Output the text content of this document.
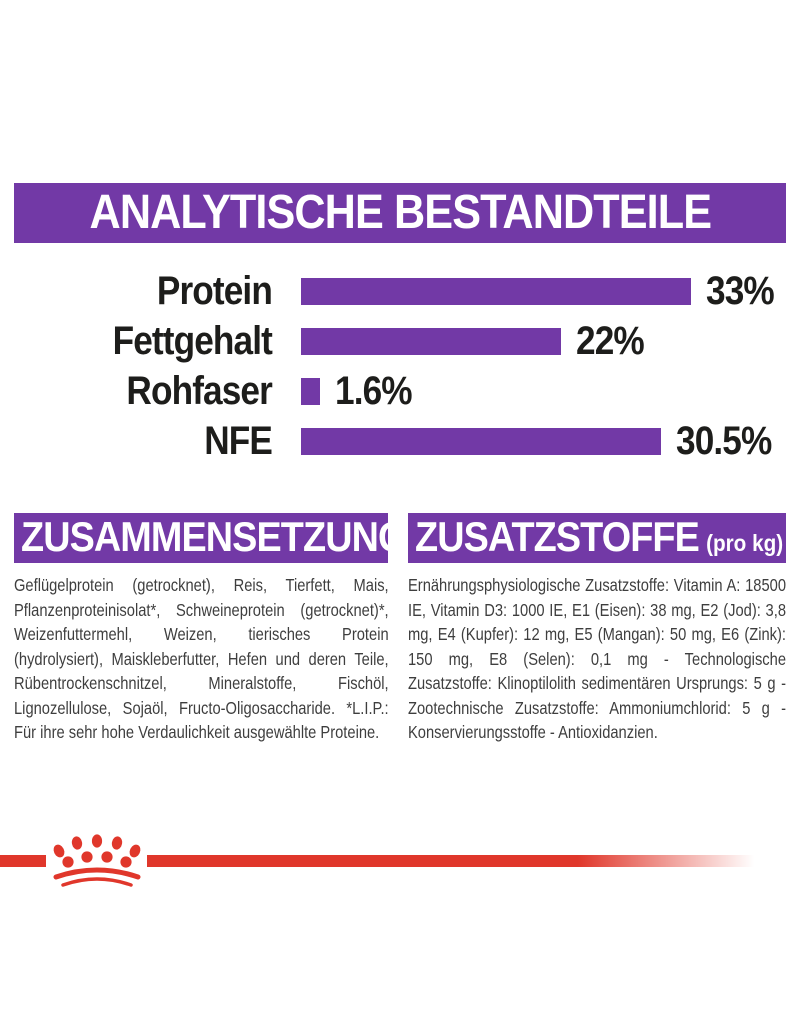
ANALYTISCHE BESTANDTEILE
Protein	33%
Fettgehalt	22%
Rohfaser	1.6%
NFE	30.5%
ZUSAMMENSETZUNG
Geflügelprotein (getrocknet), Reis, Tierfett, Mais, Pflanzenproteinisolat*, Schweineprotein (getrocknet)*, Weizenfuttermehl, Weizen, tierisches Protein (hydrolysiert), Maiskleberfutter, Hefen und deren Teile, Rübentrockenschnitzel, Mineralstoffe, Fischöl, Lignozellulose, Sojaöl, Fructo-Oligosaccharide. *L.I.P.: Für ihre sehr hohe Verdaulichkeit ausgewählte Proteine.
ZUSATZSTOFFE (pro kg)
Ernährungsphysiologische Zusatzstoffe: Vitamin A: 18500 IE, Vitamin D3: 1000 IE, E1 (Eisen): 38 mg, E2 (Jod): 3,8 mg, E4 (Kupfer): 12 mg, E5 (Mangan): 50 mg, E6 (Zink): 150 mg, E8 (Selen): 0,1 mg - Technologische Zusatzstoffe: Klinoptilolith sedimentären Ursprungs: 5 g - Zootechnische Zusatzstoffe: Ammoniumchlorid: 5 g - Konservierungsstoffe - Antioxidanzien.
